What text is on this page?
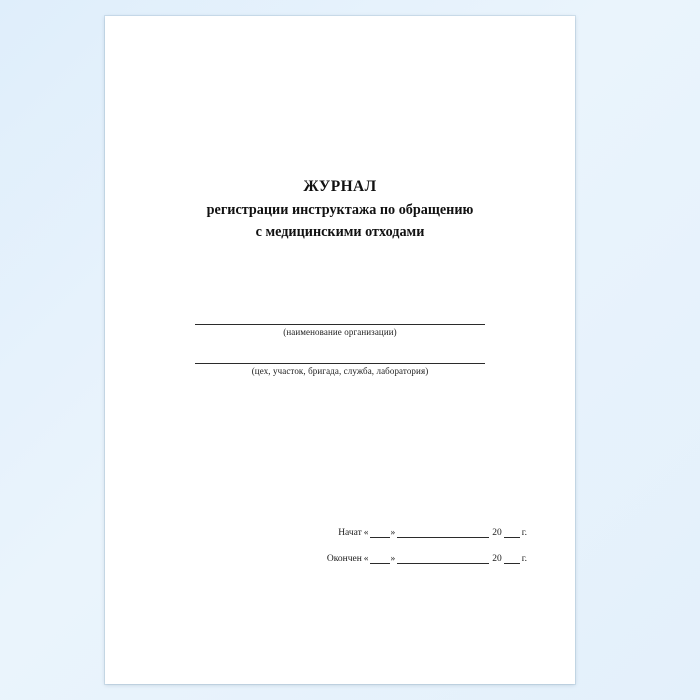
ЖУРНАЛ
регистрации инструктажа по обращению
с медицинскими отходами
(наименование организации)
(цех, участок, бригада, служба, лаборатория)
Начат « »	20 г.
Окончен « »	20 г.
